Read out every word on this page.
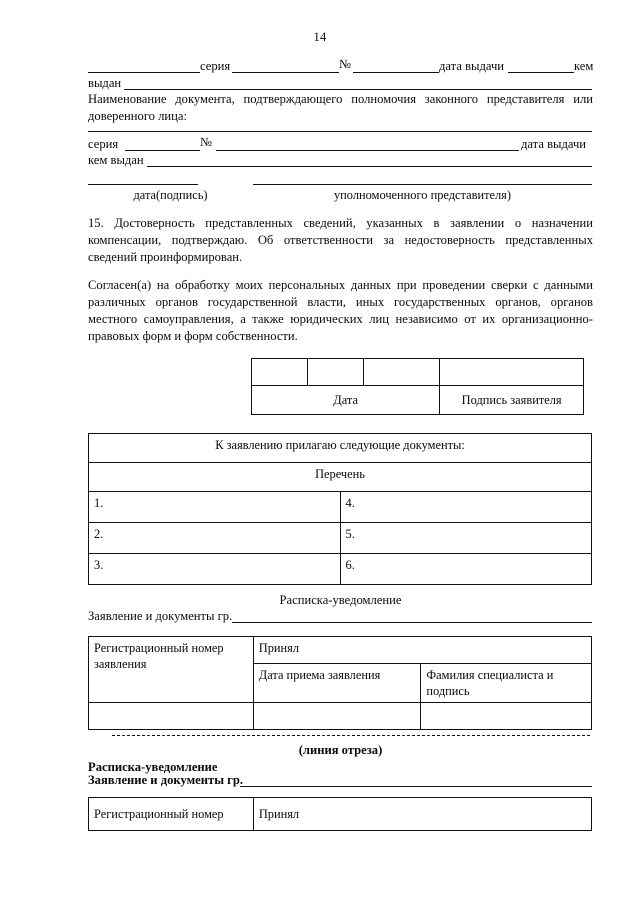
14
серия	№	дата выдачи	кем
выдан
Наименование документа, подтверждающего полномочия законного представителя или доверенного лица:
серия	№	дата выдачи
кем выдан
дата(подпись)	уполномоченного представителя)
15. Достоверность представленных сведений, указанных в заявлении о назначении компенсации, подтверждаю. Об ответственности за недостоверность представленных сведений проинформирован.
Согласен(а) на обработку моих персональных данных при проведении сверки с данными различных органов государственной власти, иных государственных органов, органов местного самоуправления, а также юридических лиц независимо от их организационно-правовых форм и форм собственности.

Дата			Подпись заявителя
К заявлению прилагаю следующие документы:	
Перечень	
1.	4.
2.	5.
3.	6.
Расписка-уведомление
Заявление и документы гр.
Регистрационный номер заявления	Принял	
	Дата приема заявления	Фамилия специалиста и подпись

(линия отреза)
Расписка-уведомление
Заявление и документы гр.
Регистрационный номер	Принял
